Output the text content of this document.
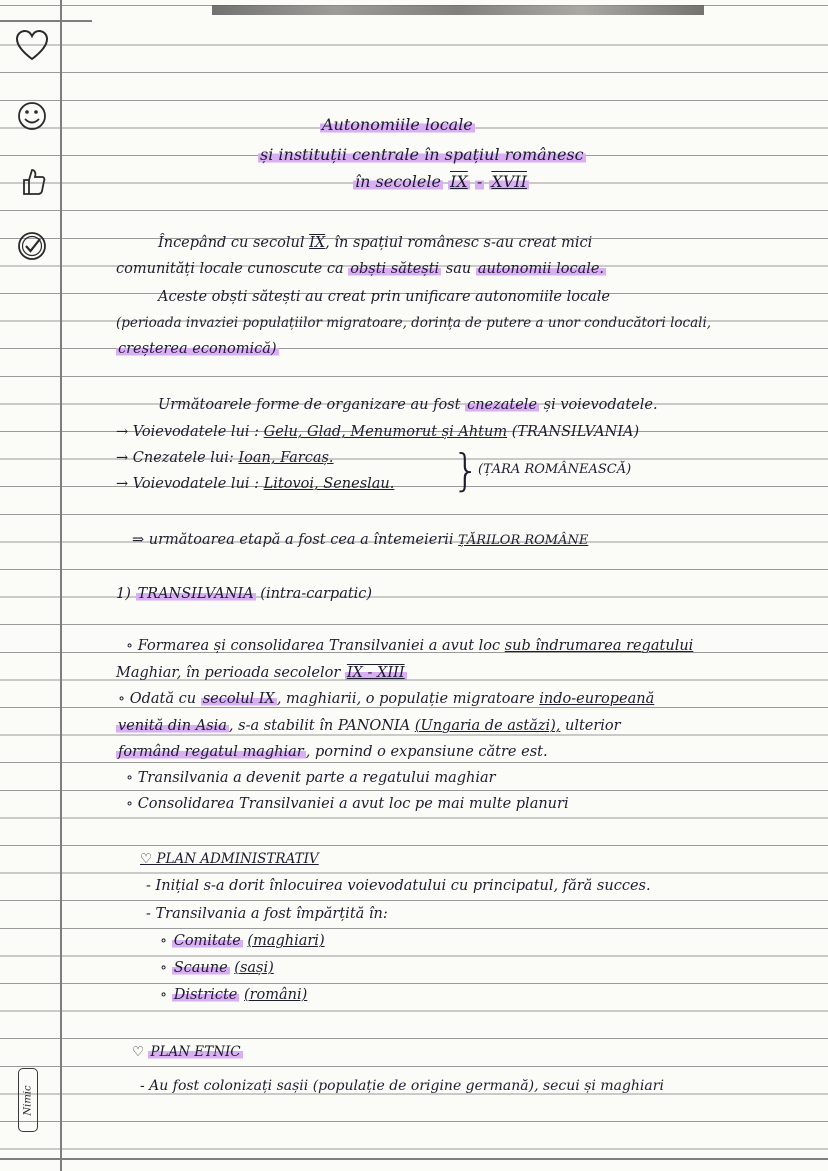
Nimic
Autonomiile locale
și instituții centrale în spațiul românesc
în secolele IX - XVII
Începând cu secolul IX, în spațiul românesc s-au creat mici
comunități locale cunoscute ca obști sătești sau autonomii locale.
Aceste obști sătești au creat prin unificare autonomiile locale
(perioada invaziei populațiilor migratoare, dorința de putere a unor conducători locali,
creșterea economică)
Următoarele forme de organizare au fost cnezatele și voievodatele.
→ Voievodatele lui : Gelu, Glad, Menumorut și Ahtum (TRANSILVANIA)
→ Cnezatele lui: Ioan, Farcaș.
→ Voievodatele lui : Litovoi, Seneslau. }
(ȚARA ROMÂNEASCĂ)
⇒ următoarea etapă a fost cea a întemeierii ȚĂRILOR ROMÂNE
1) TRANSILVANIA (intra-carpatic)
∘ Formarea și consolidarea Transilvaniei a avut loc sub îndrumarea regatului
Maghiar, în perioada secolelor IX - XIII
∘ Odată cu secolul IX , maghiarii, o populație migratoare indo-europeană
venită din Asia , s-a stabilit în PANONIA (Ungaria de astăzi), ulterior
formând regatul maghiar , pornind o expansiune către est.
∘ Transilvania a devenit parte a regatului maghiar
∘ Consolidarea Transilvaniei a avut loc pe mai multe planuri
♡ PLAN ADMINISTRATIV
- Inițial s-a dorit înlocuirea voievodatului cu principatul, fără succes.
- Transilvania a fost împărțită în:
∘ Comitate (maghiari)
∘ Scaune (sași)
∘ Districte (români)
♡ PLAN ETNIC
- Au fost colonizați sașii (populație de origine germană), secui și maghiari
